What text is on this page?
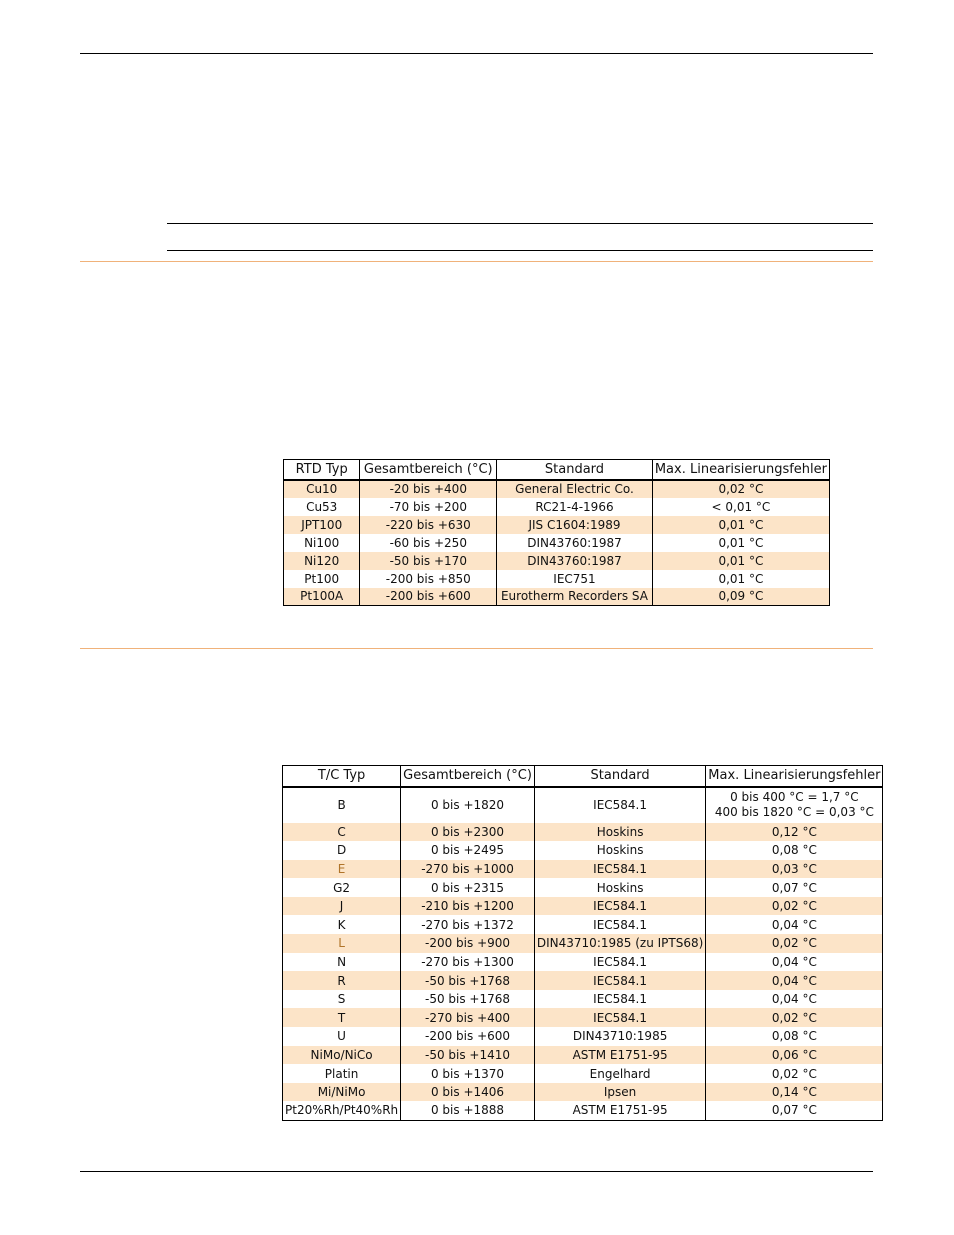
RTD Typ	Gesamtbereich (°C)	Standard	Max. Linearisierungsfehler
Cu10	-20 bis +400	General Electric Co.	0,02 °C
Cu53	-70 bis +200	RC21-4-1966	< 0,01 °C
JPT100	-220 bis +630	JIS C1604:1989	0,01 °C
Ni100	-60 bis +250	DIN43760:1987	0,01 °C
Ni120	-50 bis +170	DIN43760:1987	0,01 °C
Pt100	-200 bis +850	IEC751	0,01 °C
Pt100A	-200 bis +600	Eurotherm Recorders SA	0,09 °C
T/C Typ	Gesamtbereich (°C)	Standard	Max. Linearisierungsfehler
B	0 bis +1820	IEC584.1	0 bis 400 °C = 1,7 °C
400 bis 1820 °C = 0,03 °C

C	0 bis +2300	Hoskins	0,12 °C
D	0 bis +2495	Hoskins	0,08 °C
E	-270 bis +1000	IEC584.1	0,03 °C
G2	0 bis +2315	Hoskins	0,07 °C
J	-210 bis +1200	IEC584.1	0,02 °C
K	-270 bis +1372	IEC584.1	0,04 °C
L	-200 bis +900	DIN43710:1985 (zu IPTS68)	0,02 °C
N	-270 bis +1300	IEC584.1	0,04 °C
R	-50 bis +1768	IEC584.1	0,04 °C
S	-50 bis +1768	IEC584.1	0,04 °C
T	-270 bis +400	IEC584.1	0,02 °C
U	-200 bis +600	DIN43710:1985	0,08 °C
NiMo/NiCo	-50 bis +1410	ASTM E1751-95	0,06 °C
Platin	0 bis +1370	Engelhard	0,02 °C
Mi/NiMo	0 bis +1406	Ipsen	0,14 °C
Pt20%Rh/Pt40%Rh	0 bis +1888	ASTM E1751-95	0,07 °C
